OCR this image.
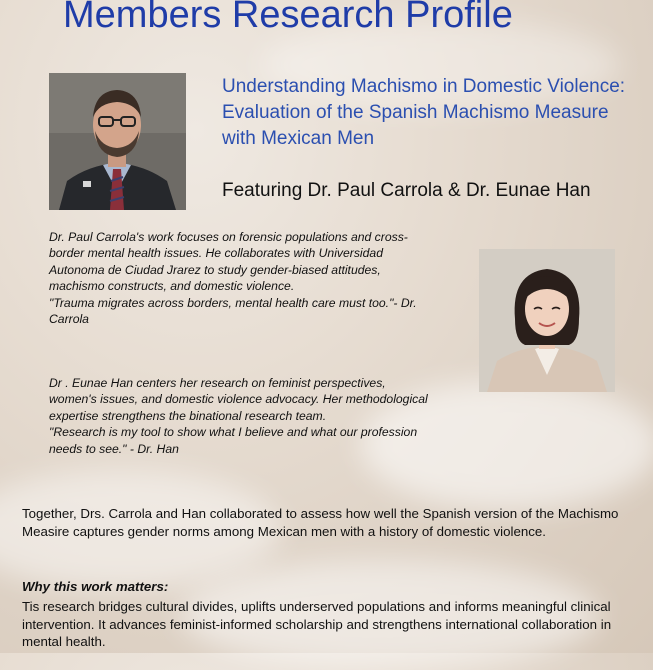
Members Research Profile
Understanding Machismo in Domestic Violence: Evaluation of the Spanish Machismo Measure with Mexican Men

Featuring Dr. Paul Carrola & Dr. Eunae Han

Dr. Paul Carrola's work focuses on forensic populations and cross-border mental health issues. He collaborates with Universidad Autonoma de Ciudad Jrarez to study gender-biased attitudes, machismo constructs, and domestic violence.
"Trauma migrates across borders, mental health care must too."- Dr. Carrola

Dr . Eunae Han centers her research on feminist perspectives, women's issues, and domestic violence advocacy. Her methodological expertise strengthens the binational research team.
"Research is my tool to show what I believe and what our profession needs to see." - Dr. Han

Together, Drs. Carrola and Han collaborated to assess how well the Spanish version of the Machismo Measire captures gender norms among Mexican men with a history of domestic violence.

Why this work matters:

Tis research bridges cultural divides, uplifts underserved populations and informs meaningful clinical intervention. It advances feminist-informed scholarship and strengthens international collaboration in mental health.
